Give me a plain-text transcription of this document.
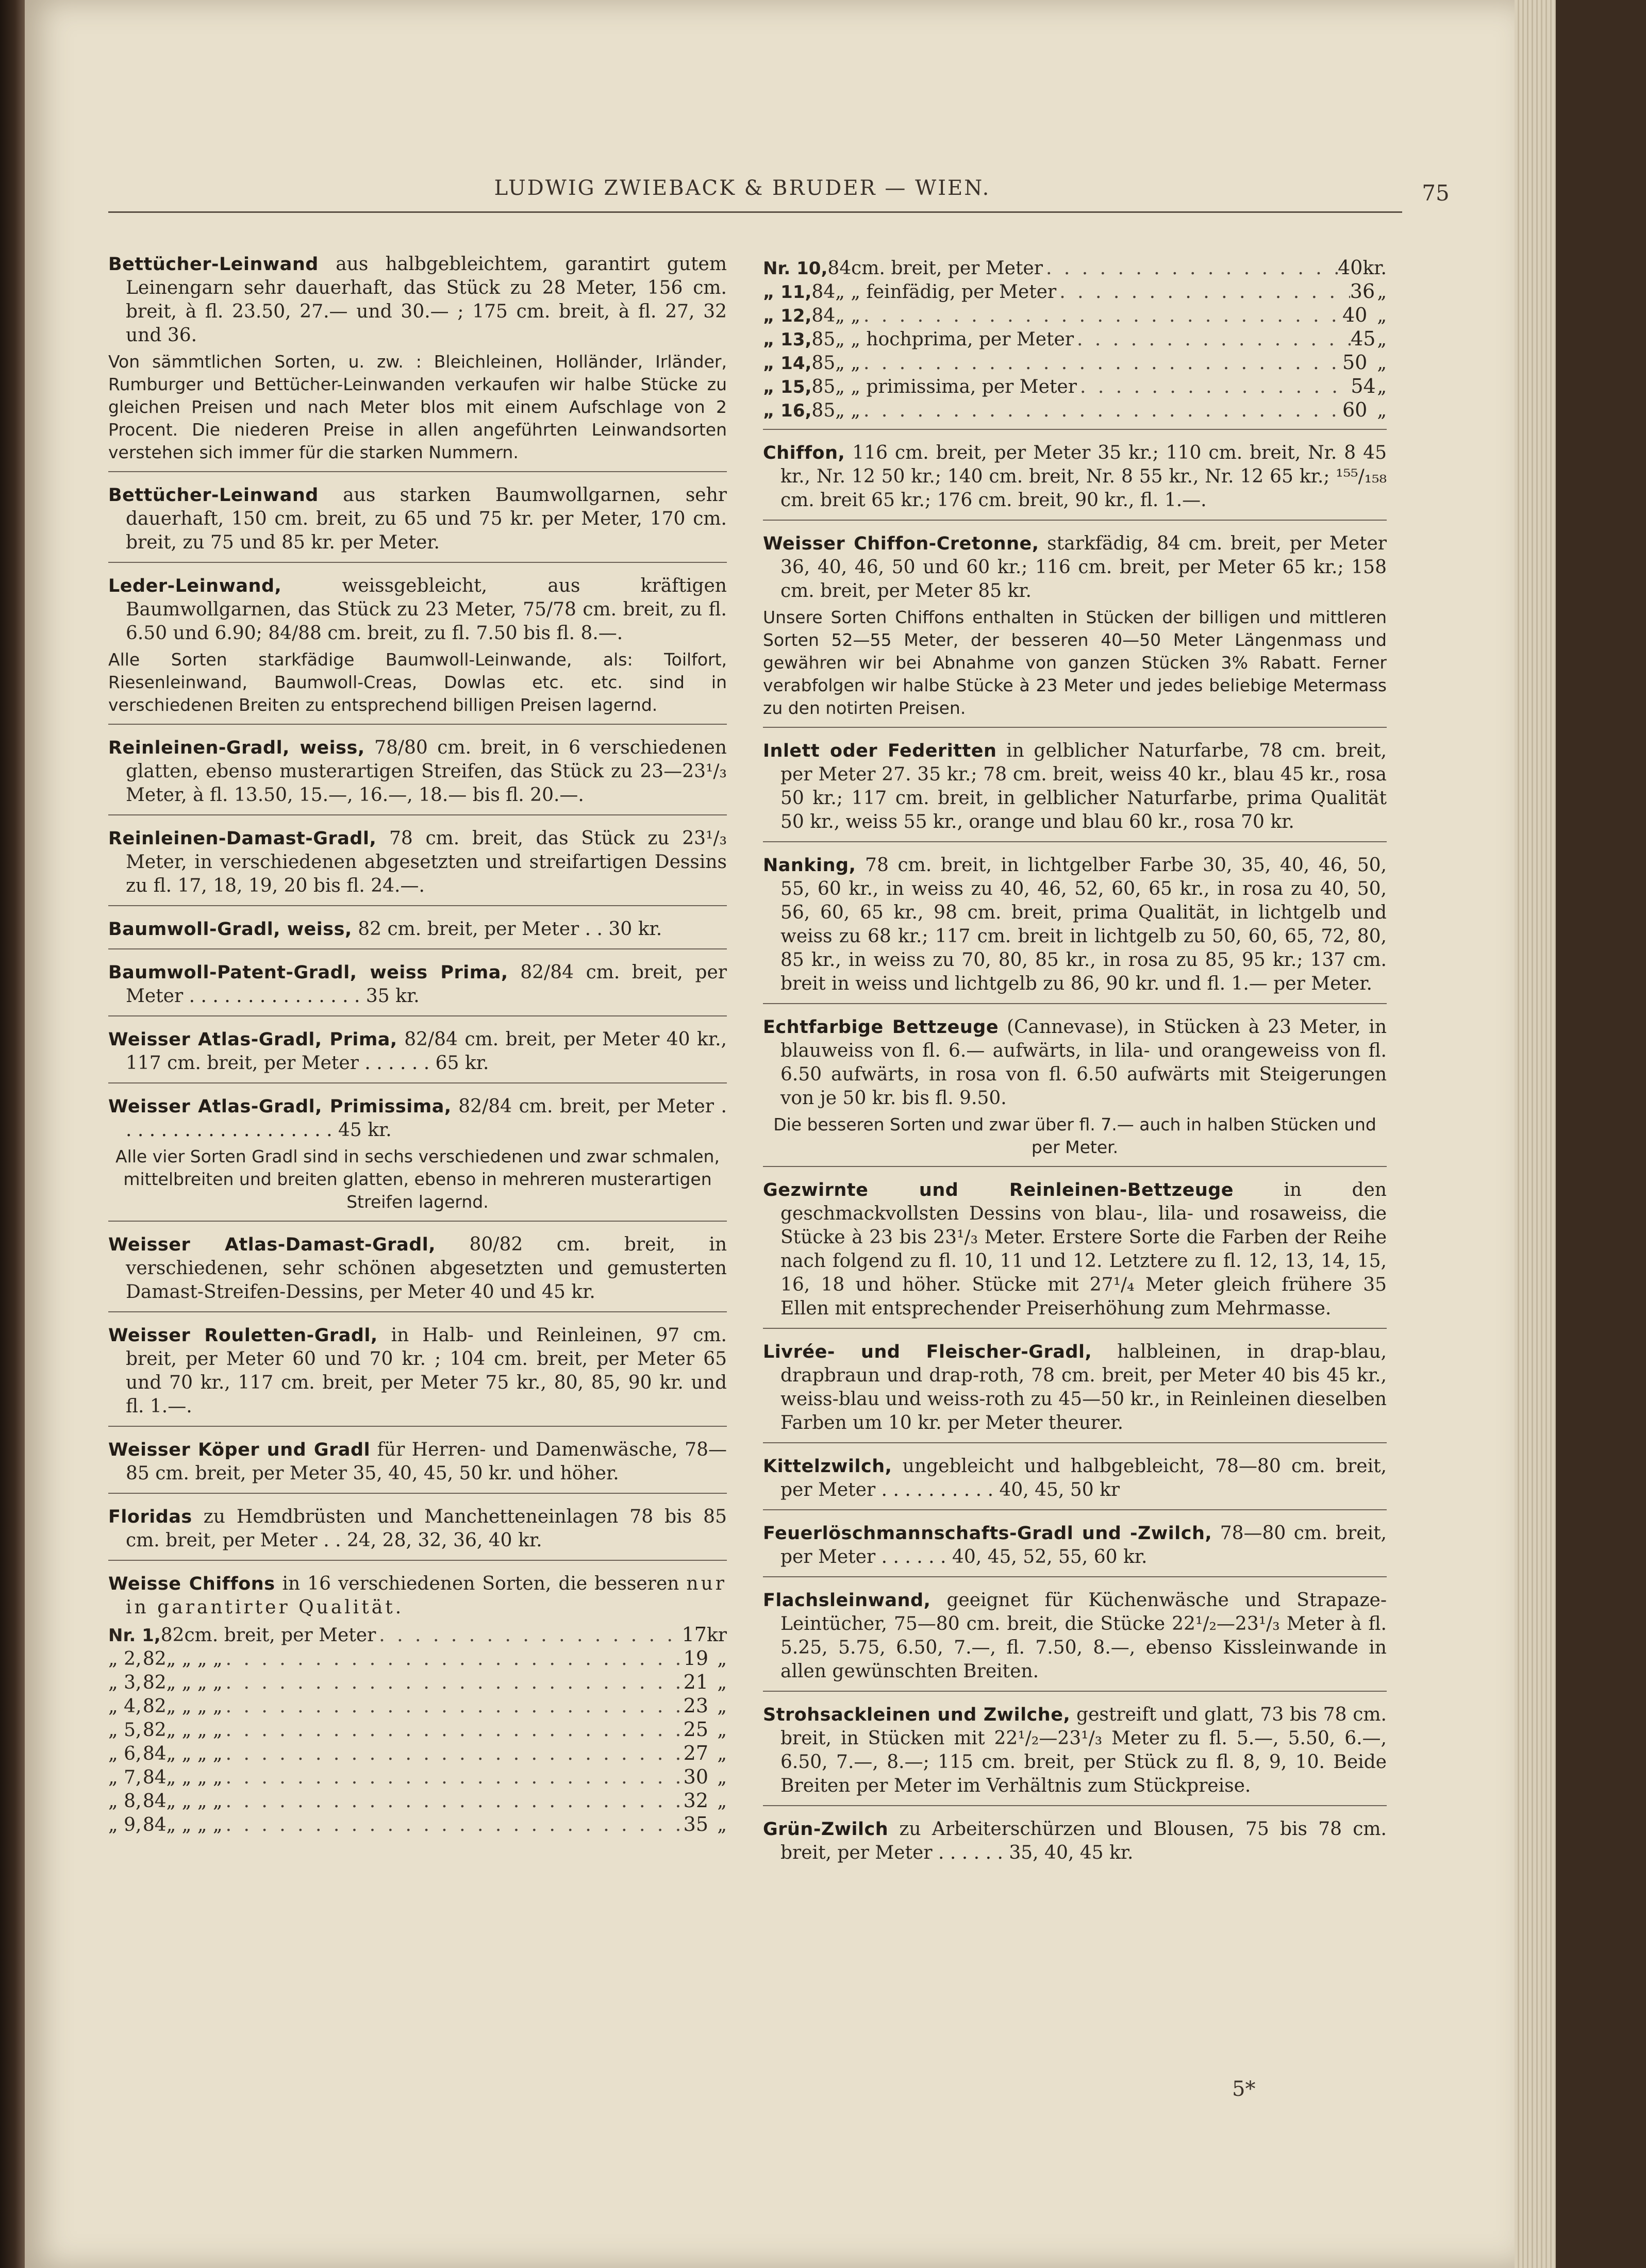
LUDWIG ZWIEBACK & BRUDER — WIEN.	75

Bettücher-Leinwand aus halbgebleichtem, garantirt gutem Leinengarn sehr dauerhaft, das Stück zu 28 Meter, 156 cm. breit, à fl. 23.50, 27.— und 30.— ; 175 cm. breit, à fl. 27, 32 und 36.

Von sämmtlichen Sorten, u. zw. : Bleichleinen, Holländer, Irländer, Rumburger und Bettücher-Leinwanden verkaufen wir halbe Stücke zu gleichen Preisen und nach Meter blos mit einem Aufschlage von 2 Procent. Die niederen Preise in allen angeführten Leinwandsorten verstehen sich immer für die starken Nummern.

Bettücher-Leinwand aus starken Baumwollgarnen, sehr dauerhaft, 150 cm. breit, zu 65 und 75 kr. per Meter, 170 cm. breit, zu 75 und 85 kr. per Meter.

Leder-Leinwand,	weissgebleicht, aus kräftigen Baumwollgarnen, das Stück zu 23 Meter, 75/78 cm. breit, zu fl. 6.50 und 6.90; 84/88 cm. breit, zu fl. 7.50 bis fl. 8.—.

Alle Sorten starkfädige Baumwoll-Leinwande, als: Toilfort, Riesenleinwand, Baumwoll-Creas, Dowlas etc. etc. sind in verschiedenen Breiten zu entsprechend billigen Preisen lagernd.

Reinleinen-Gradl, weiss, 78/80 cm. breit, in 6 verschiedenen glatten, ebenso musterartigen Streifen, das Stück zu 23—23¹/₃ Meter, à fl. 13.50, 15.—, 16.—, 18.— bis fl. 20.—.

Reinleinen-Damast-Gradl, 78 cm. breit, das Stück zu 23¹/₃ Meter, in verschiedenen abgesetzten und streifartigen Dessins zu fl. 17, 18, 19, 20 bis fl. 24.—.

Baumwoll-Gradl, weiss, 82 cm. breit, per Meter . . 30 kr.

Baumwoll-Patent-Gradl, weiss Prima, 82/84 cm. breit, per Meter . . . . . . . . . . . . . . . 35 kr.

Weisser Atlas-Gradl, Prima, 82/84 cm. breit, per Meter 40 kr., 117 cm. breit, per Meter . . . . . . 65 kr.

Weisser Atlas-Gradl, Primissima, 82/84 cm. breit, per Meter . . . . . . . . . . . . . . . . . . . 45 kr.

Alle vier Sorten Gradl sind in sechs verschiedenen und zwar schmalen, mittelbreiten und breiten glatten, ebenso in mehreren musterartigen Streifen lagernd.

Weisser Atlas-Damast-Gradl, 80/82 cm. breit, in verschiedenen, sehr schönen abgesetzten und gemusterten Damast-Streifen-Dessins, per Meter 40 und 45 kr.

Weisser Rouletten-Gradl, in Halb- und Reinleinen, 97 cm. breit, per Meter 60 und 70 kr. ; 104 cm. breit, per Meter 65 und 70 kr., 117 cm. breit, per Meter 75 kr., 80, 85, 90 kr. und fl. 1.—.

Weisser Köper und Gradl für Herren- und Damenwäsche, 78—85 cm. breit, per Meter 35, 40, 45, 50 kr. und höher.

Floridas zu Hemdbrüsten und Manchetteneinlagen 78 bis 85 cm. breit, per Meter . . 24, 28, 32, 36, 40 kr.

Weisse Chiffons in 16 verschiedenen Sorten, die besseren nur in garantirter Qualität.

Nr. 1, 82 cm. breit, per Meter . . .	17 kr
„ 2, 82 „ „ „ „ . . .	19 „
„ 3, 82 „ „ „ „ . . .	21 „
„ 4, 82 „ „ „ „ . . .	23 „
„ 5, 82 „ „ „ „ . . .	25 „
„ 6, 84 „ „ „ „ . . .	27 „
„ 7, 84 „ „ „ „ . . .	30 „
„ 8, 84 „ „ „ „ . . .	32 „
„ 9, 84 „ „ „ „ . . .	35 „
Nr. 10, 84 cm. breit, per Meter . . .	40 kr.
„ 11, 84 „ „ feinfädig, per Meter . . .	36 „
„ 12, 84 „ „ . . .	40 „
„ 13, 85 „ „ hochprima, per Meter . . .	45 „
„ 14, 85 „ „ . . .	50 „
„ 15, 85 „ „ primissima, per Meter . . .	54 „
„ 16, 85 „ „ . . .	60 „

Chiffon, 116 cm. breit, per Meter 35 kr.; 110 cm. breit, Nr. 8 45 kr., Nr. 12 50 kr.; 140 cm. breit, Nr. 8 55 kr., Nr. 12 65 kr.; ¹⁵⁵/₁₅₈ cm. breit 65 kr.; 176 cm. breit, 90 kr., fl. 1.—.

Weisser Chiffon-Cretonne, starkfädig, 84 cm. breit, per Meter 36, 40, 46, 50 und 60 kr.; 116 cm. breit, per Meter 65 kr.; 158 cm. breit, per Meter 85 kr.

Unsere Sorten Chiffons enthalten in Stücken der billigen und mittleren Sorten 52—55 Meter, der besseren 40—50 Meter Längenmass und gewähren wir bei Abnahme von ganzen Stücken 3% Rabatt. Ferner verabfolgen wir halbe Stücke à 23 Meter und jedes beliebige Metermass zu den notirten Preisen.

Inlett oder Federitten in gelblicher Naturfarbe, 78 cm. breit, per Meter 27. 35 kr.; 78 cm. breit, weiss 40 kr., blau 45 kr., rosa 50 kr.; 117 cm. breit, in gelblicher Naturfarbe, prima Qualität 50 kr., weiss 55 kr., orange und blau 60 kr., rosa 70 kr.

Nanking, 78 cm. breit, in lichtgelber Farbe 30, 35, 40, 46, 50, 55, 60 kr., in weiss zu 40, 46, 52, 60, 65 kr., in rosa zu 40, 50, 56, 60, 65 kr., 98 cm. breit, prima Qualität, in lichtgelb und weiss zu 68 kr.; 117 cm. breit in lichtgelb zu 50, 60, 65, 72, 80, 85 kr., in weiss zu 70, 80, 85 kr., in rosa zu 85, 95 kr.; 137 cm. breit in weiss und lichtgelb zu 86, 90 kr. und fl. 1.— per Meter.

Echtfarbige Bettzeuge (Cannevase), in Stücken à 23 Meter, in blauweiss von fl. 6.— aufwärts, in lila- und orangeweiss von fl. 6.50 aufwärts, in rosa von fl. 6.50 aufwärts mit Steigerungen von je 50 kr. bis fl. 9.50.

Die besseren Sorten und zwar über fl. 7.— auch in halben Stücken und per Meter.

Gezwirnte und Reinleinen-Bettzeuge	in den geschmackvollsten Dessins von blau-, lila- und rosaweiss, die Stücke à 23 bis 23¹/₃ Meter. Erstere Sorte die Farben der Reihe nach folgend zu fl. 10, 11 und 12. Letztere zu fl. 12, 13, 14, 15, 16, 18 und höher. Stücke mit 27¹/₄ Meter gleich frühere 35 Ellen mit entsprechender Preiserhöhung zum Mehrmasse.

Livrée- und Fleischer-Gradl, halbleinen, in drap-blau, drapbraun und drap-roth, 78 cm. breit, per Meter 40 bis 45 kr., weiss-blau und weiss-roth zu 45—50 kr., in Reinleinen dieselben Farben um 10 kr. per Meter theurer.

Kittelzwilch, ungebleicht und halbgebleicht, 78—80 cm. breit, per Meter . . . . . . . . . . 40, 45, 50 kr

Feuerlöschmannschafts-Gradl und -Zwilch, 78—80 cm. breit, per Meter . . . . . . 40, 45, 52, 55, 60 kr.

Flachsleinwand, geeignet für Küchenwäsche und Strapaze-Leintücher, 75—80 cm. breit, die Stücke 22¹/₂—23¹/₃ Meter à fl. 5.25, 5.75, 6.50, 7.—, fl. 7.50, 8.—, ebenso Kissleinwande in allen gewünschten Breiten.

Strohsackleinen und Zwilche, gestreift und glatt, 73 bis 78 cm. breit, in Stücken mit 22¹/₂—23¹/₃ Meter zu fl. 5.—, 5.50, 6.—, 6.50, 7.—, 8.—; 115 cm. breit, per Stück zu fl. 8, 9, 10. Beide Breiten per Meter im Verhältnis zum Stückpreise.

Grün-Zwilch zu Arbeiterschürzen und Blousen, 75 bis 78 cm. breit, per Meter . . . . . . 35, 40, 45 kr.

5*
